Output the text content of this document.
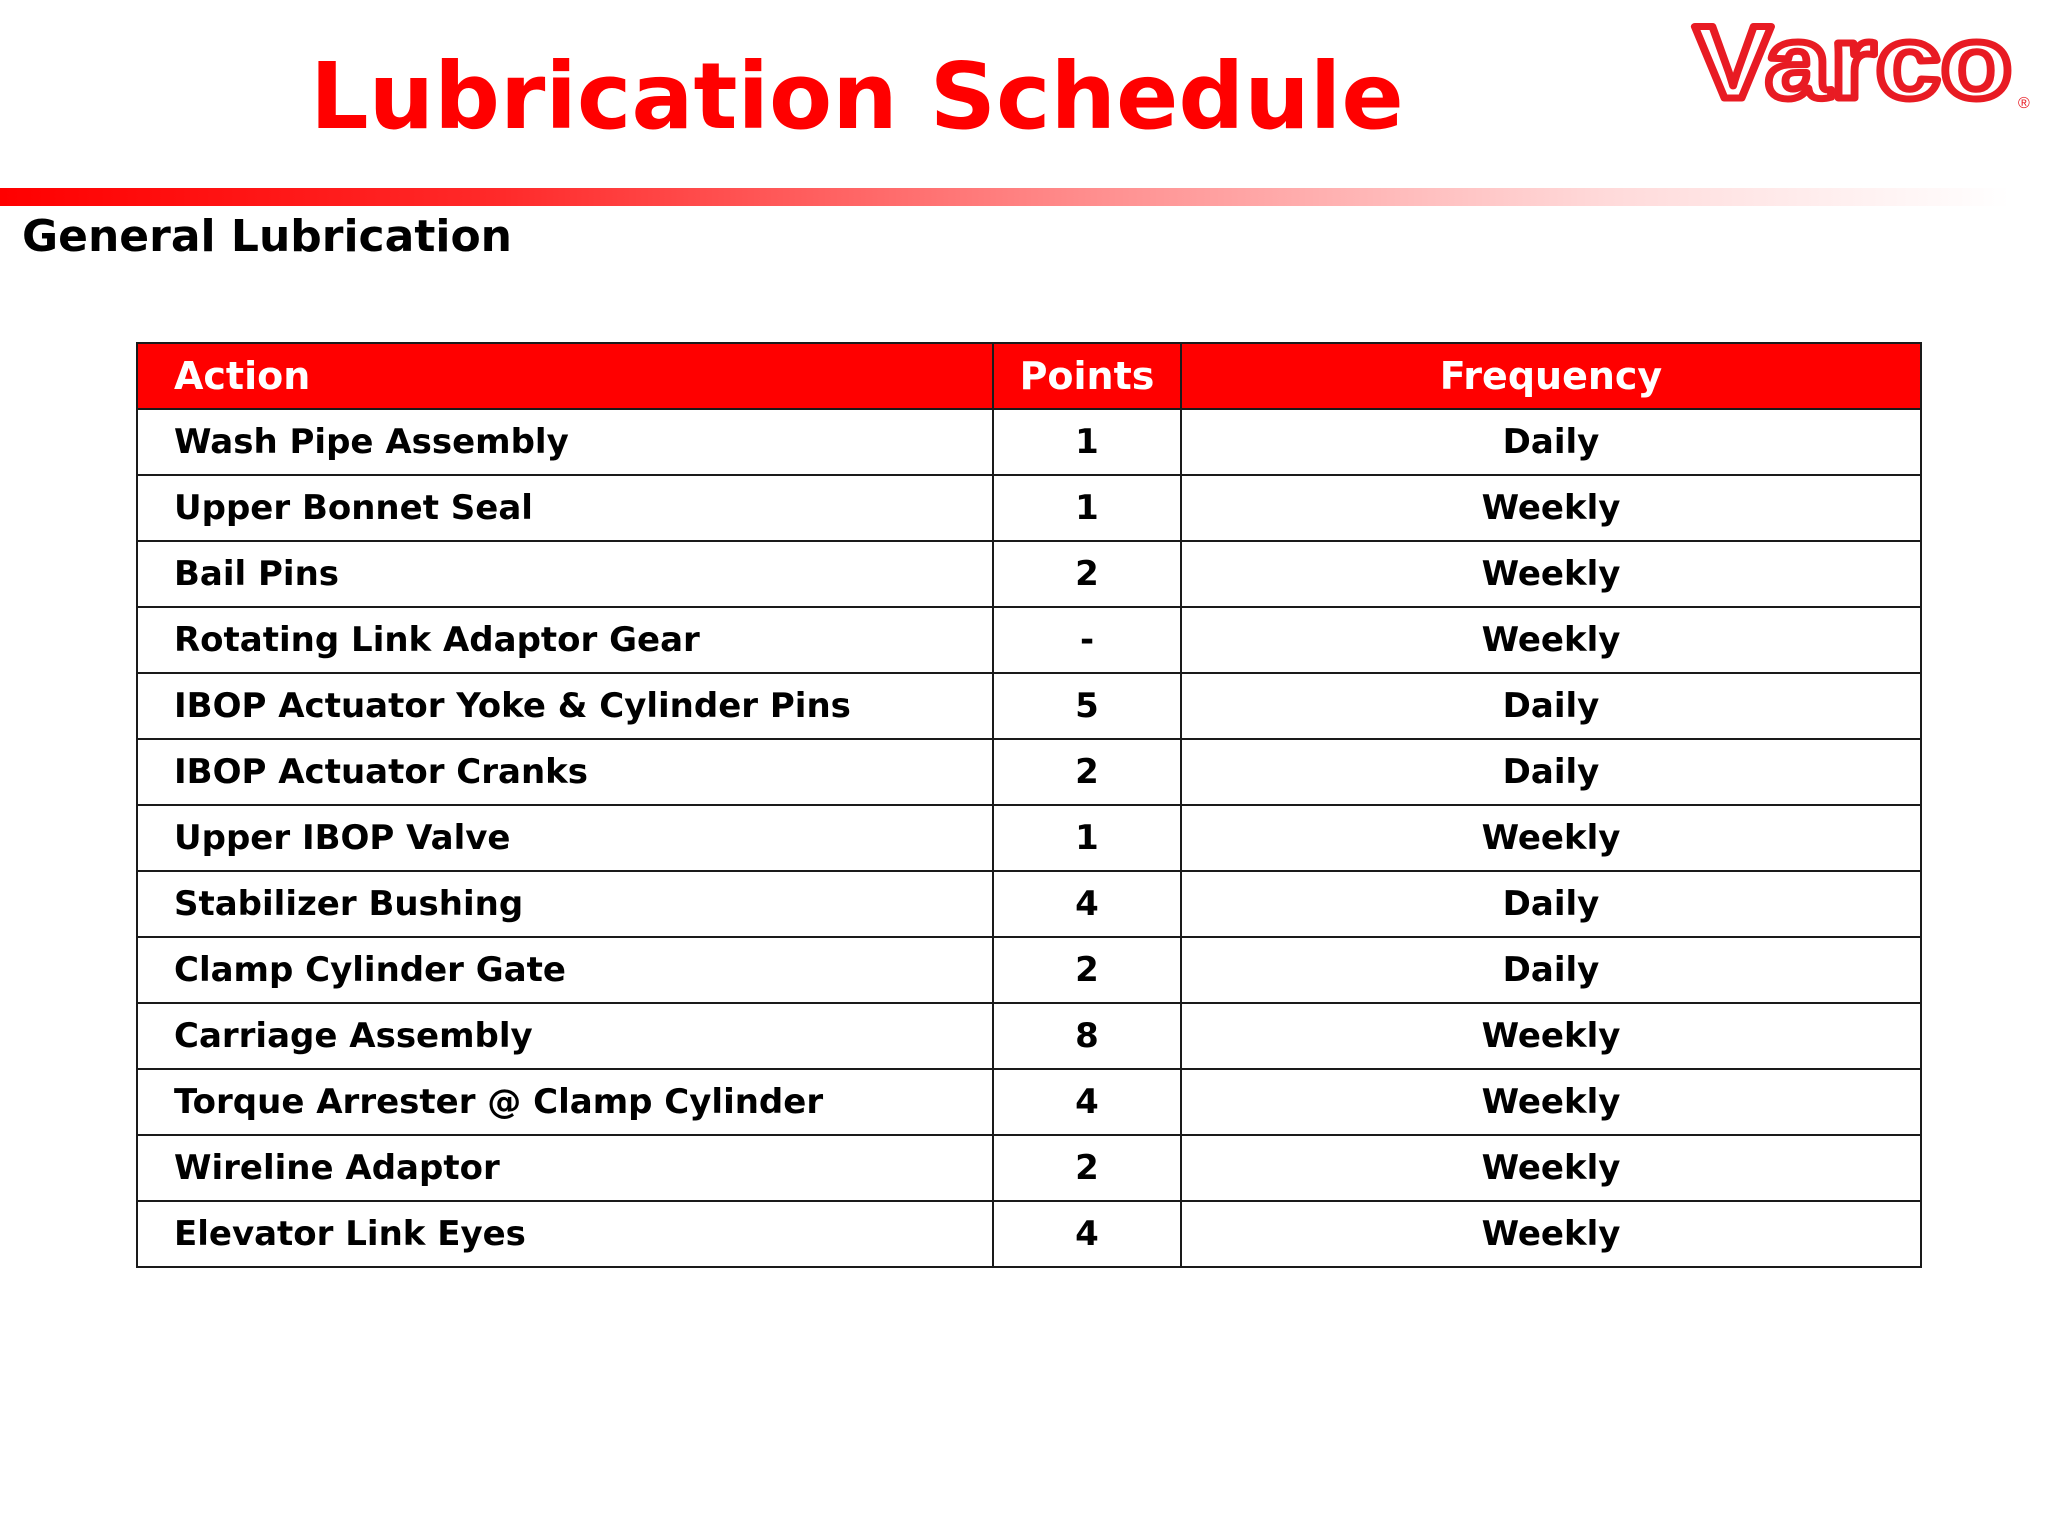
Lubrication Schedule	Varco ®
General Lubrication
Action	Points	Frequency
Wash Pipe Assembly	1	Daily
Upper Bonnet Seal	1	Weekly
Bail Pins	2	Weekly
Rotating Link Adaptor Gear	-	Weekly
IBOP Actuator Yoke & Cylinder Pins	5	Daily
IBOP Actuator Cranks	2	Daily
Upper IBOP Valve	1	Weekly
Stabilizer Bushing	4	Daily
Clamp Cylinder Gate	2	Daily
Carriage Assembly	8	Weekly
Torque Arrester @ Clamp Cylinder	4	Weekly
Wireline Adaptor	2	Weekly
Elevator Link Eyes	4	Weekly
